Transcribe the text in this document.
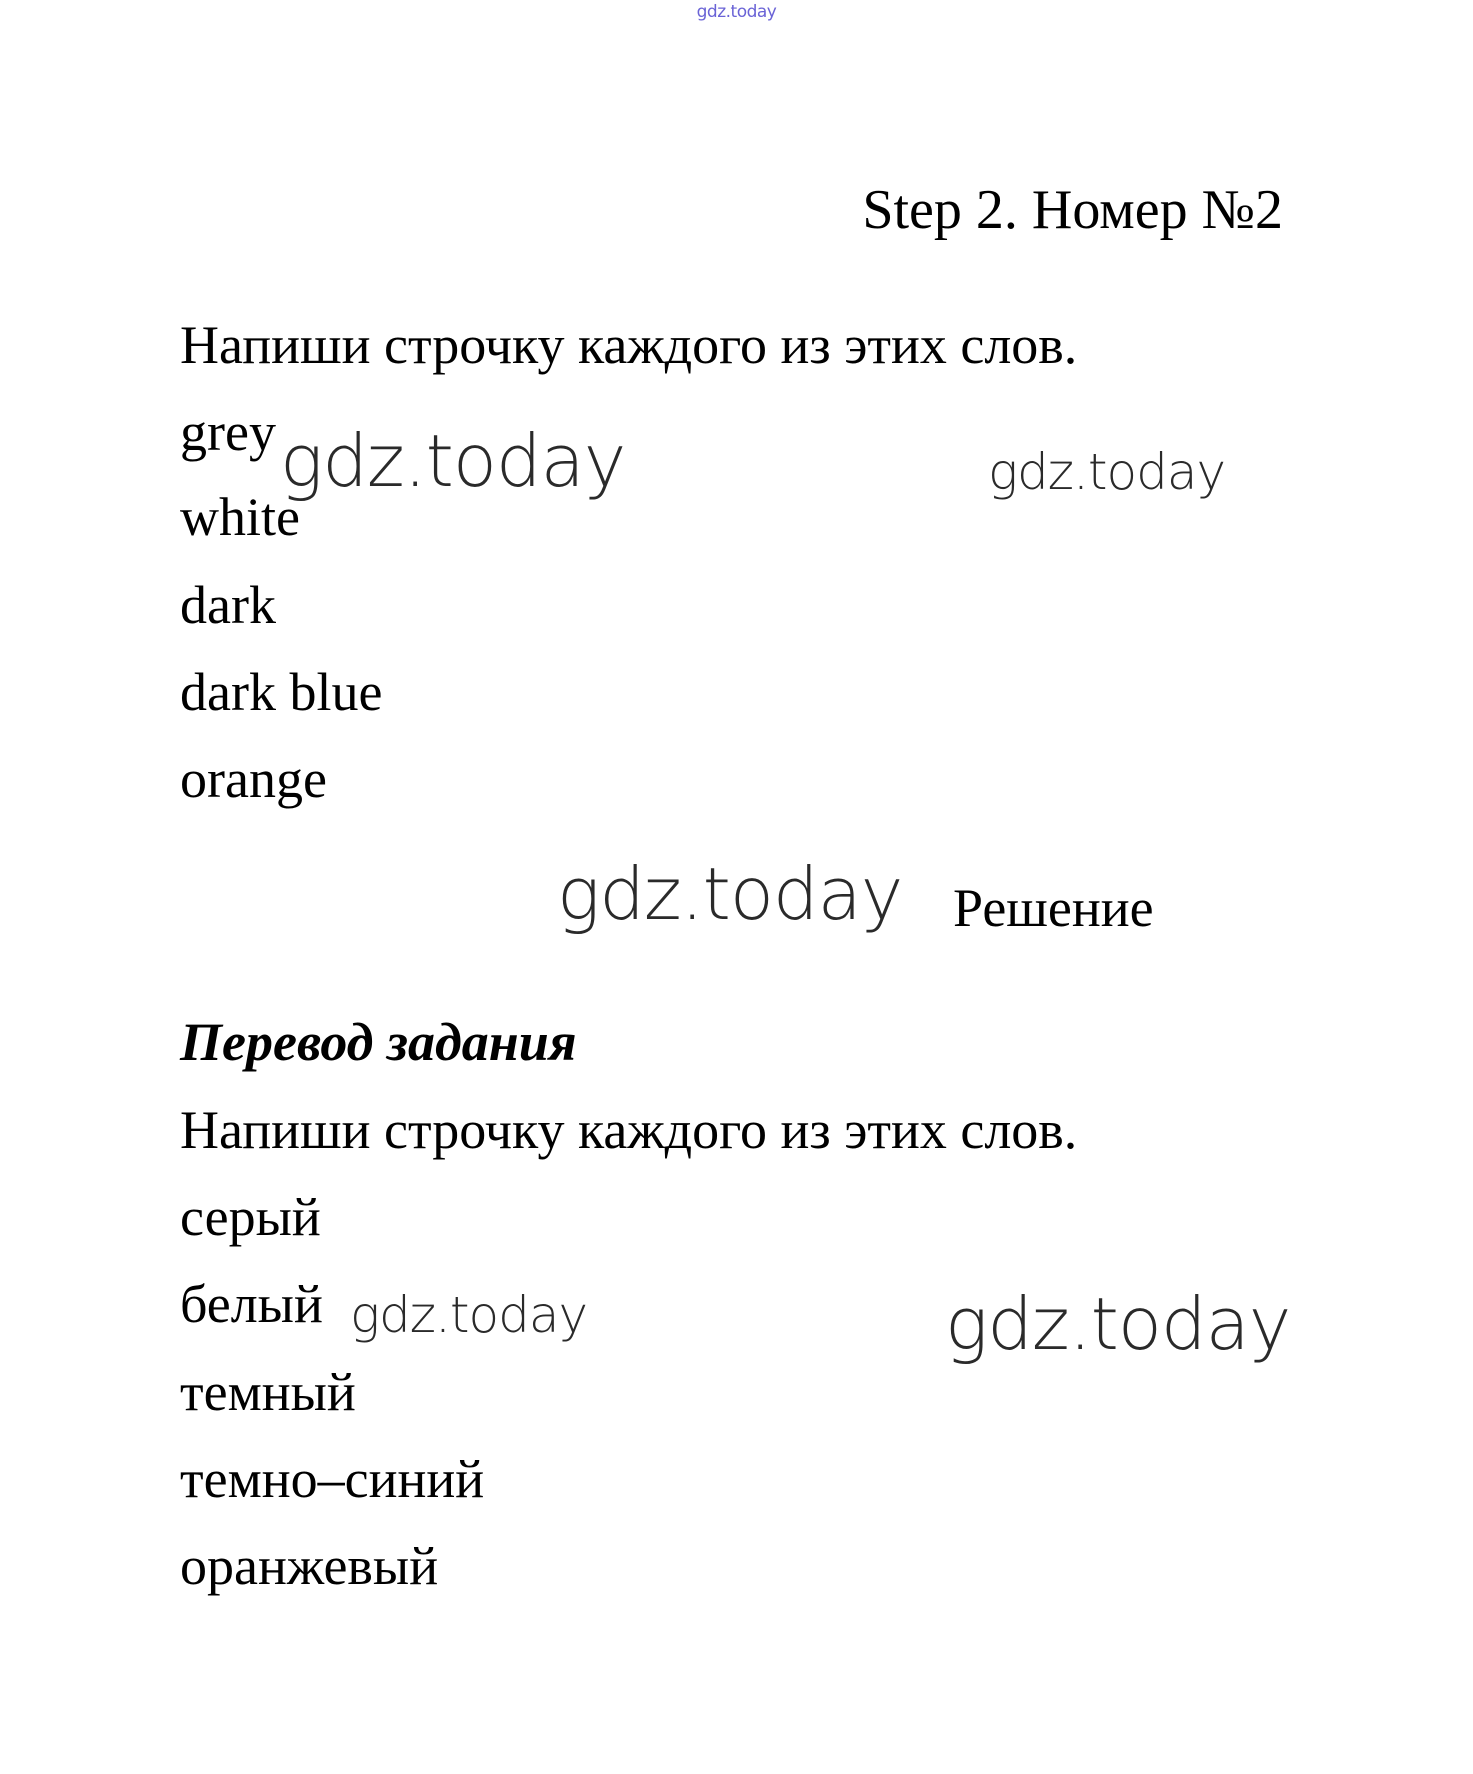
gdz.today
Step 2. Номер №2
Напиши строчку каждого из этих слов.
grey
white
dark
dark blue
orange
gdz.today	gdz.today
gdz.today Решение
Перевод задания
Напиши строчку каждого из этих слов.
серый
белый
темный
темно–синий
оранжевый
gdz.today	gdz.today
